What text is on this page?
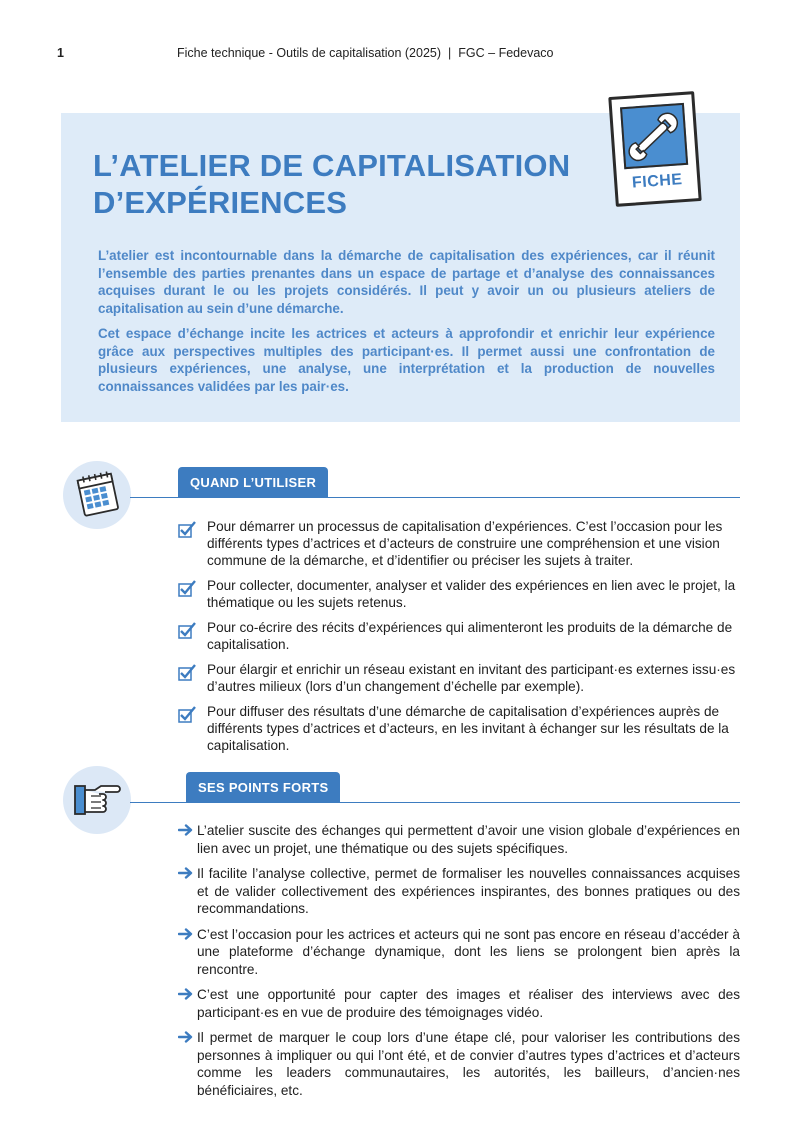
1	Fiche technique - Outils de capitalisation (2025) | FGC – Fedevaco
L’ATELIER DE CAPITALISATION
D’EXPÉRIENCES

L’atelier est incontournable dans la démarche de capitalisation des expériences, car il réunit l’ensemble des parties prenantes dans un espace de partage et d’analyse des connaissances acquises durant le ou les projets considérés. Il peut y avoir un ou plusieurs ateliers de capitalisation au sein d’une démarche.

Cet espace d’échange incite les actrices et acteurs à approfondir et enrichir leur expérience grâce aux perspectives multiples des participant·es. Il permet aussi une confrontation de plusieurs expériences, une analyse, une interprétation et la production de nouvelles connaissances validées par les pair·es.

FICHE
QUAND L’UTILISER
Pour démarrer un processus de capitalisation d’expériences. C’est l’occasion pour les différents types d’actrices et d’acteurs de construire une compréhension et une vision commune de la démarche, et d’identifier ou préciser les sujets à traiter.
Pour collecter, documenter, analyser et valider des expériences en lien avec le projet, la thématique ou les sujets retenus.
Pour co-écrire des récits d’expériences qui alimenteront les produits de la démarche de capitalisation.
Pour élargir et enrichir un réseau existant en invitant des participant·es externes issu·es d’autres milieux (lors d’un changement d’échelle par exemple).
Pour diffuser des résultats d’une démarche de capitalisation d’expériences auprès de différents types d’actrices et d’acteurs, en les invitant à échanger sur les résultats de la capitalisation.
SES POINTS FORTS
L’atelier suscite des échanges qui permettent d’avoir une vision globale d’expériences en lien avec un projet, une thématique ou des sujets spécifiques.
Il facilite l’analyse collective, permet de formaliser les nouvelles connaissances acquises et de valider collectivement des expériences inspirantes, des bonnes pratiques ou des recommandations.
C’est l’occasion pour les actrices et acteurs qui ne sont pas encore en réseau d’accéder à une plateforme d’échange dynamique, dont les liens se prolongent bien après la rencontre.
C’est une opportunité pour capter des images et réaliser des interviews avec des participant·es en vue de produire des témoignages vidéo.
Il permet de marquer le coup lors d’une étape clé, pour valoriser les contributions des personnes à impliquer ou qui l’ont été, et de convier d’autres types d’actrices et d’acteurs comme les leaders communautaires, les autorités, les bailleurs, d’ancien·nes bénéficiaires, etc.
